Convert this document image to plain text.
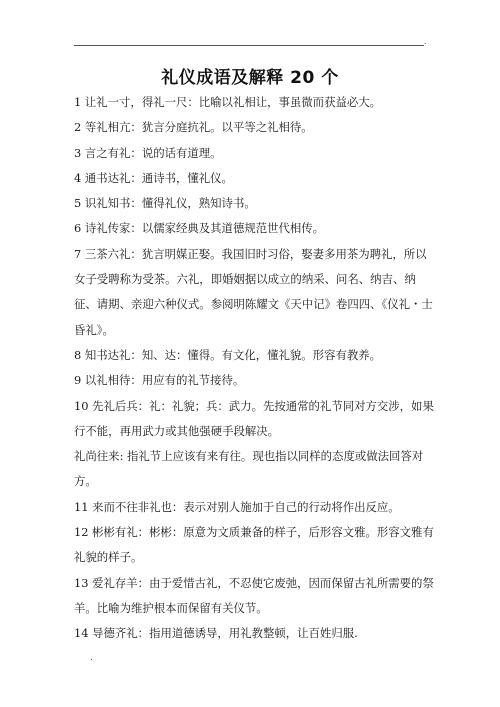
.
礼仪成语及解释 20 个

1 让礼一寸，得礼一尺：比喻以礼相让，事虽微而获益必大。

2 等礼相亢：犹言分庭抗礼。以平等之礼相待。

3 言之有礼：说的话有道理。

4 通书达礼：通诗书，懂礼仪。

5 识礼知书：懂得礼仪，熟知诗书。

6 诗礼传家：以儒家经典及其道德规范世代相传。

7 三茶六礼：犹言明媒正娶。我国旧时习俗，娶妻多用茶为聘礼，所以女子受聘称为受茶。六礼，即婚姻据以成立的纳采、问名、纳吉、纳征、请期、亲迎六种仪式。参阅明陈耀文《天中记》卷四四、《仪礼・士昏礼》。

8 知书达礼：知、达：懂得。有文化，懂礼貌。形容有教养。

9 以礼相待：用应有的礼节接待。

10 先礼后兵：礼：礼貌；兵：武力。先按通常的礼节同对方交涉，如果行不能，再用武力或其他强硬手段解决。

礼尚往来: 指礼节上应该有来有往。现也指以同样的态度或做法回答对方。

11 来而不往非礼也：表示对别人施加于自己的行动将作出反应。

12 彬彬有礼：彬彬：原意为文质兼备的样子，后形容文雅。形容文雅有礼貌的样子。

13 爱礼存羊：由于爱惜古礼，不忍使它废弛，因而保留古礼所需要的祭羊。比喻为维护根本而保留有关仪节。

14 导德齐礼：指用道德诱导，用礼教整顿，让百姓归服.

.
